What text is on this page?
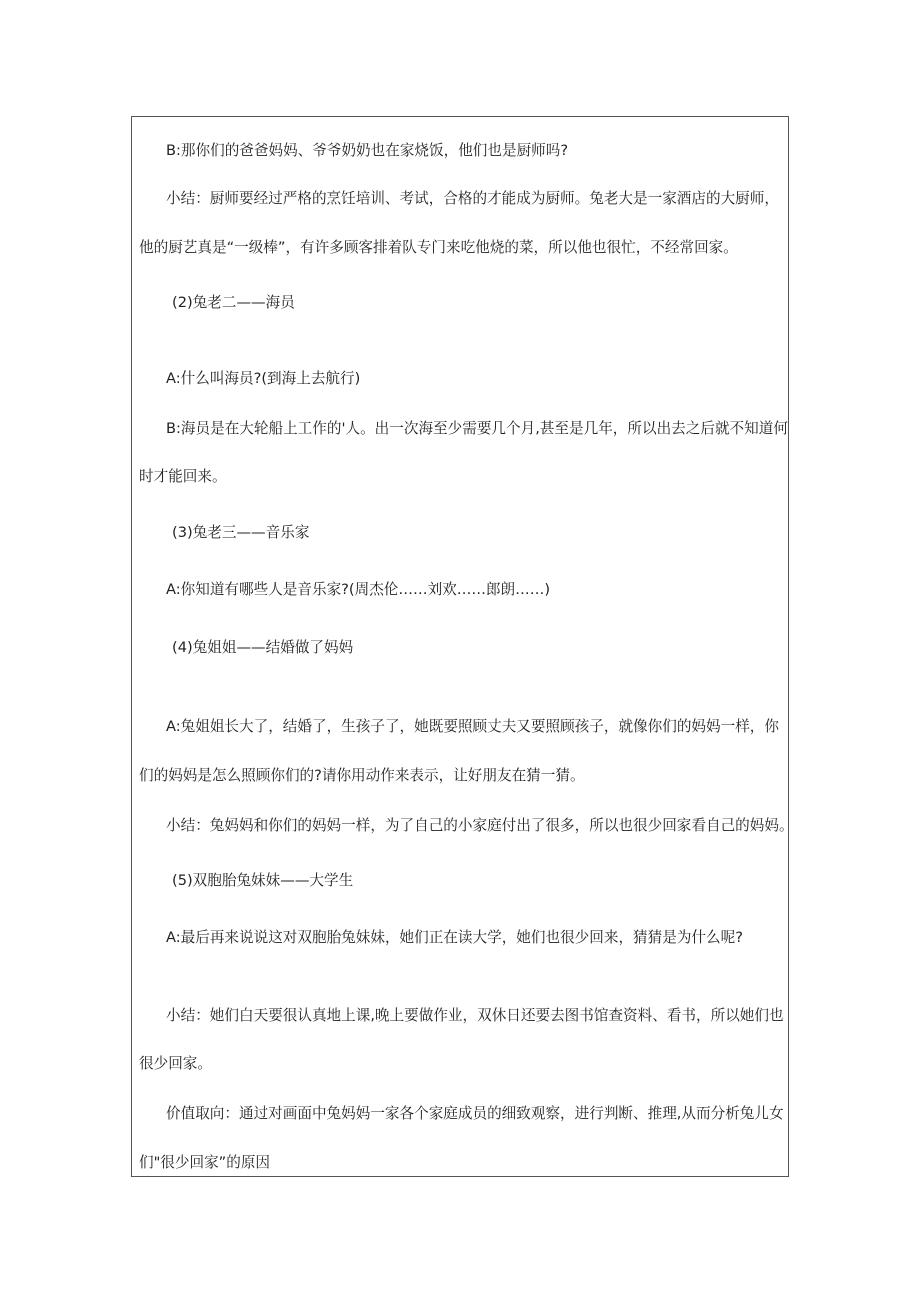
B:那你们的爸爸妈妈、爷爷奶奶也在家烧饭，他们也是厨师吗?

小结：厨师要经过严格的烹饪培训、考试，合格的才能成为厨师。兔老大是一家酒店的大厨师，

他的厨艺真是“一级棒”，有许多顾客排着队专门来吃他烧的菜，所以他也很忙，不经常回家。

(2)兔老二——海员

A:什么叫海员?(到海上去航行)

B:海员是在大轮船上工作的'人。出一次海至少需要几个月,甚至是几年，所以出去之后就不知道何

时才能回来。

(3)兔老三——音乐家

A:你知道有哪些人是音乐家?(周杰伦……刘欢……郎朗……)

(4)兔姐姐——结婚做了妈妈

A:兔姐姐长大了，结婚了，生孩子了，她既要照顾丈夫又要照顾孩子，就像你们的妈妈一样，你

们的妈妈是怎么照顾你们的?请你用动作来表示，让好朋友在猜一猜。

小结：兔妈妈和你们的妈妈一样，为了自己的小家庭付出了很多，所以也很少回家看自己的妈妈。

(5)双胞胎兔妹妹——大学生

A:最后再来说说这对双胞胎兔妹妹，她们正在读大学，她们也很少回来，猜猜是为什么呢?

小结：她们白天要很认真地上课,晚上要做作业，双休日还要去图书馆查资料、看书，所以她们也

很少回家。

价值取向：通过对画面中兔妈妈一家各个家庭成员的细致观察，进行判断、推理,从而分析兔儿女

们"很少回家”的原因
